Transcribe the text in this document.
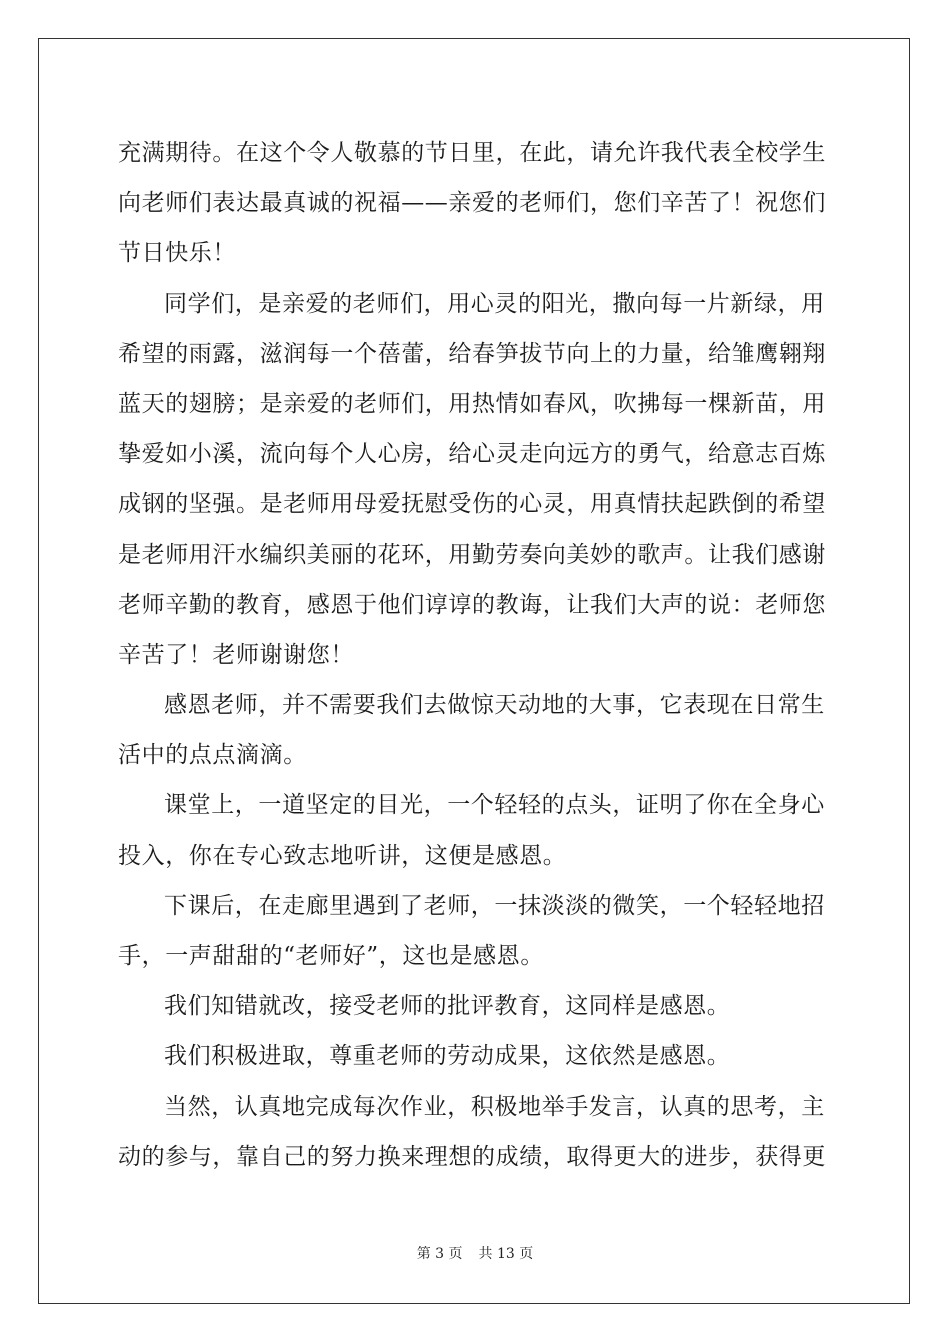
充满期待。在这个令人敬慕的节日里，在此，请允许我代表全校学生
向老师们表达最真诚的祝福——亲爱的老师们，您们辛苦了！祝您们
节日快乐！
同学们，是亲爱的老师们，用心灵的阳光，撒向每一片新绿，用
希望的雨露，滋润每一个蓓蕾，给春笋拔节向上的力量，给雏鹰翱翔
蓝天的翅膀；是亲爱的老师们，用热情如春风，吹拂每一棵新苗，用
挚爱如小溪，流向每个人心房，给心灵走向远方的勇气，给意志百炼
成钢的坚强。是老师用母爱抚慰受伤的心灵，用真情扶起跌倒的希望
是老师用汗水编织美丽的花环，用勤劳奏向美妙的歌声。让我们感谢
老师辛勤的教育，感恩于他们谆谆的教诲，让我们大声的说：老师您
辛苦了！老师谢谢您！
感恩老师，并不需要我们去做惊天动地的大事，它表现在日常生
活中的点点滴滴。
课堂上，一道坚定的目光，一个轻轻的点头，证明了你在全身心
投入，你在专心致志地听讲，这便是感恩。
下课后，在走廊里遇到了老师，一抹淡淡的微笑，一个轻轻地招
手，一声甜甜的“老师好”，这也是感恩。
我们知错就改，接受老师的批评教育，这同样是感恩。
我们积极进取，尊重老师的劳动成果，这依然是感恩。
当然，认真地完成每次作业，积极地举手发言，认真的思考，主
动的参与，靠自己的努力换来理想的成绩，取得更大的进步，获得更
第 3 页 共 13 页
